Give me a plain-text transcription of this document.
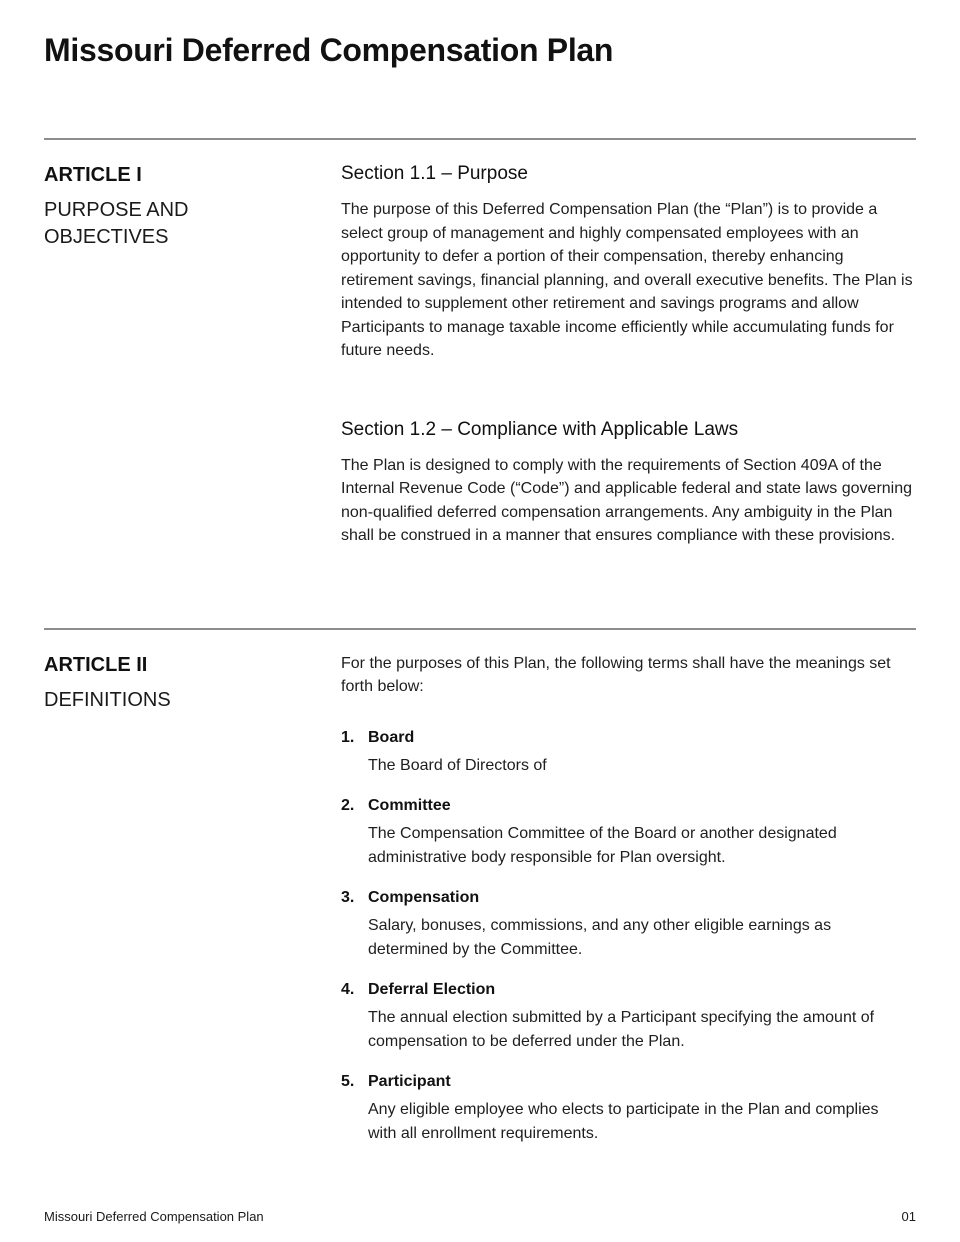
Missouri Deferred Compensation Plan
ARTICLE I
PURPOSE AND OBJECTIVES
Section 1.1 – Purpose

The purpose of this Deferred Compensation Plan (the “Plan”) is to provide a select group of management and highly compensated employees with an opportunity to defer a portion of their compensation, thereby enhancing retirement savings, financial planning, and overall executive benefits. The Plan is intended to supplement other retirement and savings programs and allow Participants to manage taxable income efficiently while accumulating funds for future needs.

Section 1.2 – Compliance with Applicable Laws

The Plan is designed to comply with the requirements of Section 409A of the Internal Revenue Code (“Code”) and applicable federal and state laws governing non-qualified deferred compensation arrangements. Any ambiguity in the Plan shall be construed in a manner that ensures compliance with these provisions.

ARTICLE II
DEFINITIONS

For the purposes of this Plan, the following terms shall have the meanings set forth below:

1. Board

The Board of Directors of

2. Committee

The Compensation Committee of the Board or another designated administrative body responsible for Plan oversight.

3. Compensation

Salary, bonuses, commissions, and any other eligible earnings as determined by the Committee.

4. Deferral Election

The annual election submitted by a Participant specifying the amount of compensation to be deferred under the Plan.

5. Participant

Any eligible employee who elects to participate in the Plan and complies with all enrollment requirements.

Missouri Deferred Compensation Plan	01
